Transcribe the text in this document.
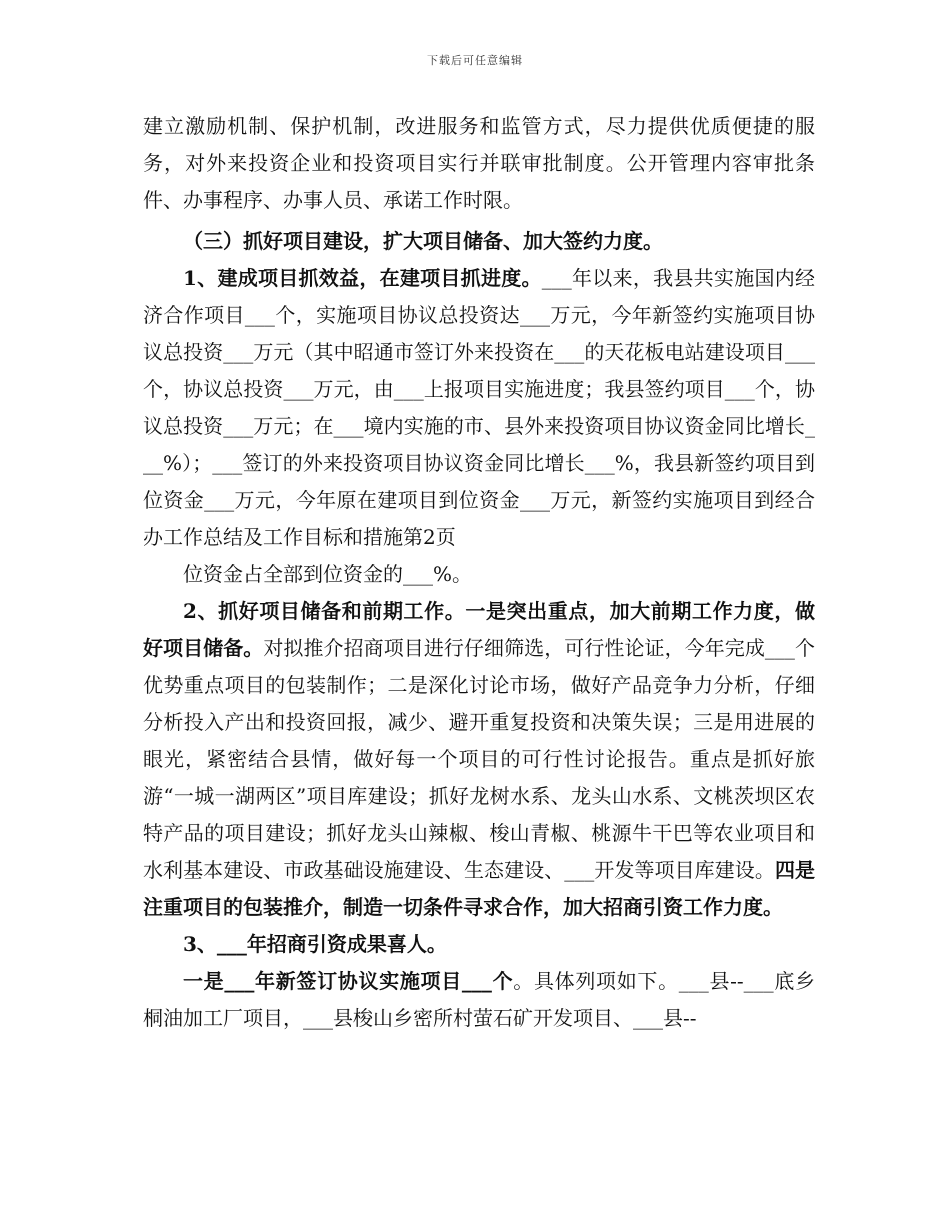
下载后可任意编辑

建立激励机制、保护机制，改进服务和监管方式，尽力提供优质便捷的服务，对外来投资企业和投资项目实行并联审批制度。公开管理内容审批条件、办事程序、办事人员、承诺工作时限。

（三）抓好项目建设，扩大项目储备、加大签约力度。

1、建成项目抓效益，在建项目抓进度。___年以来，我县共实施国内经济合作项目___个，实施项目协议总投资达___万元，今年新签约实施项目协议总投资___万元（其中昭通市签订外来投资在___的天花板电站建设项目___个，协议总投资___万元，由___上报项目实施进度；我县签约项目___个，协议总投资___万元；在___境内实施的市、县外来投资项目协议资金同比增长___%）；___签订的外来投资项目协议资金同比增长___%，我县新签约项目到位资金___万元，今年原在建项目到位资金___万元，新签约实施项目到经合办工作总结及工作目标和措施第2页

位资金占全部到位资金的___%。

2、抓好项目储备和前期工作。一是突出重点，加大前期工作力度，做好项目储备。对拟推介招商项目进行仔细筛选，可行性论证，今年完成___个优势重点项目的包装制作；二是深化讨论市场，做好产品竞争力分析，仔细分析投入产出和投资回报，减少、避开重复投资和决策失误；三是用进展的眼光，紧密结合县情，做好每一个项目的可行性讨论报告。重点是抓好旅游“一城一湖两区”项目库建设；抓好龙树水系、龙头山水系、文桃茨坝区农特产品的项目建设；抓好龙头山辣椒、梭山青椒、桃源牛干巴等农业项目和水利基本建设、市政基础设施建设、生态建设、___开发等项目库建设。四是注重项目的包装推介，制造一切条件寻求合作，加大招商引资工作力度。

3、___年招商引资成果喜人。

一是___年新签订协议实施项目___个。具体列项如下。___县--___底乡桐油加工厂项目，___县梭山乡密所村萤石矿开发项目、___县--
